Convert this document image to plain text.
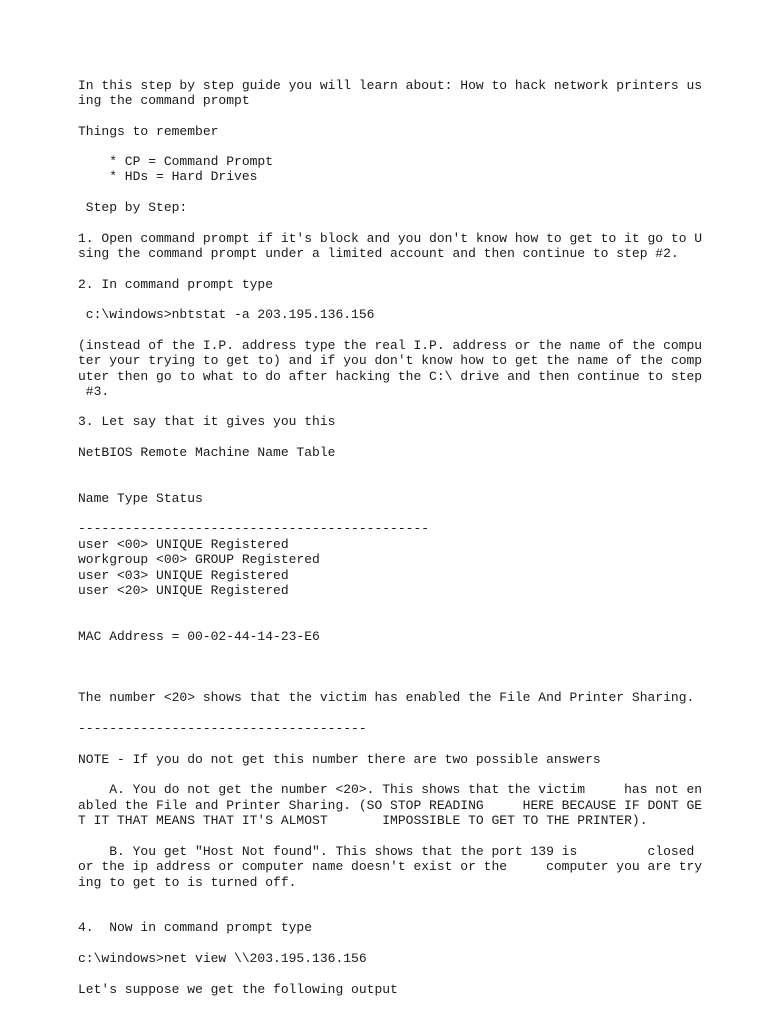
In this step by step guide you will learn about: How to hack network printers us

ing the command prompt

Things to remember

* CP = Command Prompt

* HDs = Hard Drives

Step by Step:

1. Open command prompt if it's block and you don't know how to get to it go to U

sing the command prompt under a limited account and then continue to step #2.

2. In command prompt type

c:\windows>nbtstat -a 203.195.136.156

(instead of the I.P. address type the real I.P. address or the name of the compu

ter your trying to get to) and if you don't know how to get the name of the comp

uter then go to what to do after hacking the C:\ drive and then continue to step

#3.

3. Let say that it gives you this

NetBIOS Remote Machine Name Table

Name Type Status

---------------------------------------------

user <00> UNIQUE Registered

workgroup <00> GROUP Registered

user <03> UNIQUE Registered

user <20> UNIQUE Registered

MAC Address = 00-02-44-14-23-E6

The number <20> shows that the victim has enabled the File And Printer Sharing.

-------------------------------------

NOTE - If you do not get this number there are two possible answers

A. You do not get the number <20>. This shows that the victim     has not en

abled the File and Printer Sharing. (SO STOP READING     HERE BECAUSE IF DONT GE

T IT THAT MEANS THAT IT'S ALMOST       IMPOSSIBLE TO GET TO THE PRINTER).

B. You get "Host Not found". This shows that the port 139 is         closed

or the ip address or computer name doesn't exist or the     computer you are try

ing to get to is turned off.

4.  Now in command prompt type

c:\windows>net view \\203.195.136.156

Let's suppose we get the following output
